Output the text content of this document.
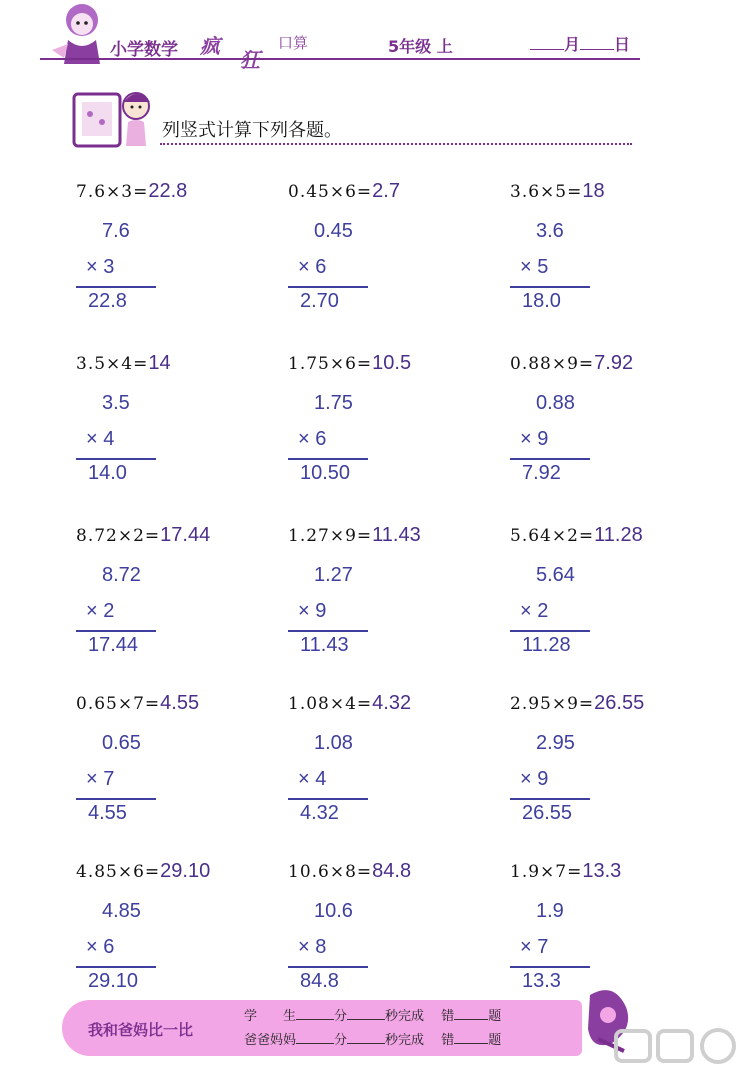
小学数学 疯
狂
口算	5年级 上	月 日
列竖式计算下列各题。
7.6×3=22.8
7.6
× 3
22.8
0.45×6=2.7
0.45
× 6
2.70
3.6×5=18
3.6
× 5
18.0
3.5×4=14
3.5
× 4
14.0
1.75×6=10.5
1.75
× 6
10.50
0.88×9=7.92
0.88
× 9
7.92
8.72×2=17.44
8.72
× 2
17.44
1.27×9=11.43
1.27
× 9
11.43
5.64×2=11.28
5.64
× 2
11.28
0.65×7=4.55
0.65
× 7
4.55
1.08×4=4.32
1.08
× 4
4.32
2.95×9=26.55
2.95
× 9
26.55
4.85×6=29.10
4.85
× 6
29.10
10.6×8=84.8
10.6
× 8
84.8
1.9×7=13.3
1.9
× 7
13.3
我和爸妈比一比
学　　生	分	秒完成　 错	题
爸爸妈妈	分	秒完成　 错	题
